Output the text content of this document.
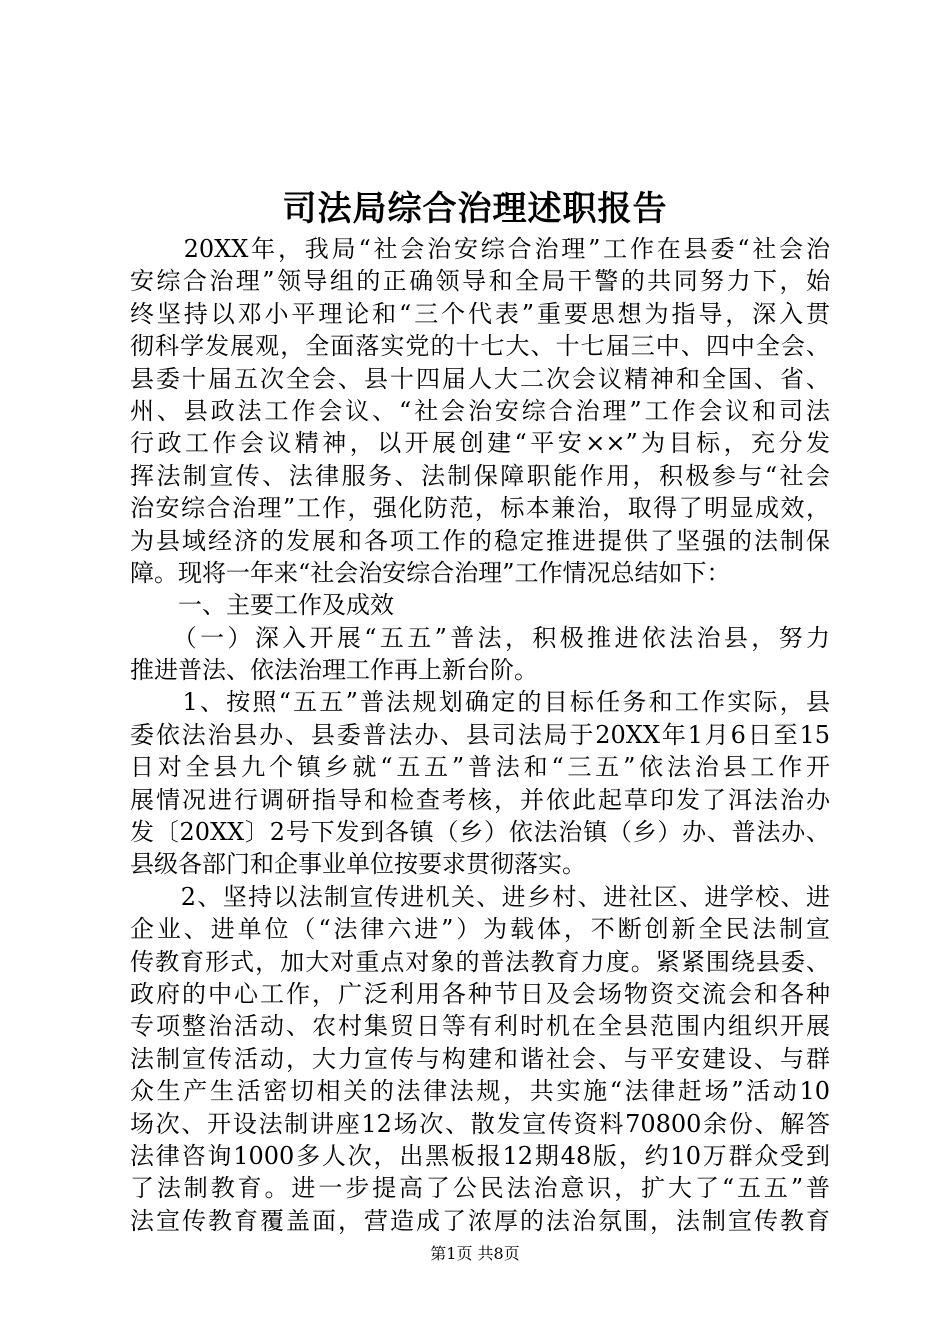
司法局综合治理述职报告
　　20XX年，我局“社会治安综合治理”工作在县委“社会治
安综合治理”领导组的正确领导和全局干警的共同努力下，始
终坚持以邓小平理论和“三个代表”重要思想为指导，深入贯
彻科学发展观，全面落实党的十七大、十七届三中、四中全会、
县委十届五次全会、县十四届人大二次会议精神和全国、省、
州、县政法工作会议、“社会治安综合治理”工作会议和司法
行政工作会议精神，以开展创建“平安××”为目标，充分发
挥法制宣传、法律服务、法制保障职能作用，积极参与“社会
治安综合治理”工作，强化防范，标本兼治，取得了明显成效，
为县域经济的发展和各项工作的稳定推进提供了坚强的法制保
障。现将一年来“社会治安综合治理”工作情况总结如下：
　　一、主要工作及成效
　　（一）深入开展“五五”普法，积极推进依法治县，努力
推进普法、依法治理工作再上新台阶。
　　1、按照“五五”普法规划确定的目标任务和工作实际，县
委依法治县办、县委普法办、县司法局于20XX年1月6日至15
日对全县九个镇乡就“五五”普法和“三五”依法治县工作开
展情况进行调研指导和检查考核，并依此起草印发了洱法治办
发〔20XX〕2号下发到各镇（乡）依法治镇（乡）办、普法办、
县级各部门和企事业单位按要求贯彻落实。
　　2、坚持以法制宣传进机关、进乡村、进社区、进学校、进
企业、进单位（“法律六进”）为载体，不断创新全民法制宣
传教育形式，加大对重点对象的普法教育力度。紧紧围绕县委、
政府的中心工作，广泛利用各种节日及会场物资交流会和各种
专项整治活动、农村集贸日等有利时机在全县范围内组织开展
法制宣传活动，大力宣传与构建和谐社会、与平安建设、与群
众生产生活密切相关的法律法规，共实施“法律赶场”活动10
场次、开设法制讲座12场次、散发宣传资料70800余份、解答
法律咨询1000多人次，出黑板报12期48版，约10万群众受到
了法制教育。进一步提高了公民法治意识，扩大了“五五”普
法宣传教育覆盖面，营造成了浓厚的法治氛围，法制宣传教育
第1页 共8页
